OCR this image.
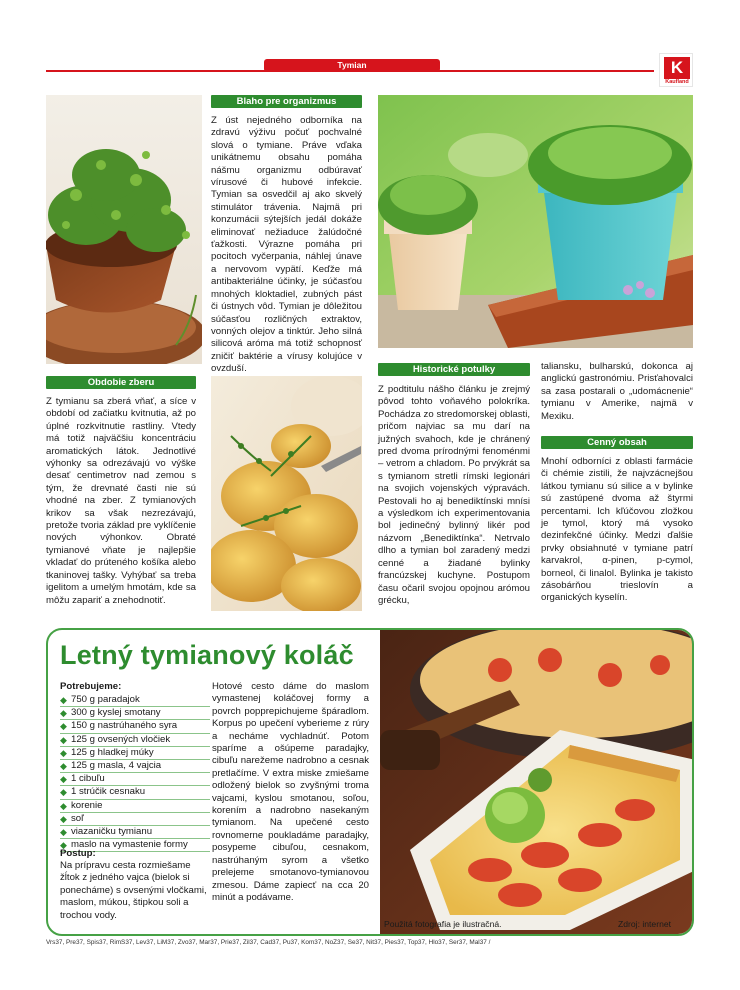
Tymian	K
Kaufland
Blaho pre organizmus
Z úst nejedného odborníka na zdravú výživu počuť pochvalné slová o tymiane. Práve vďaka unikátnemu obsahu pomáha nášmu organizmu odbúravať vírusové či hubové infekcie. Tymian sa osvedčil aj ako skvelý stimulátor trávenia. Najmä pri konzumácii sýtejších jedál dokáže eliminovať nežiaduce žalúdočné ťažkosti. Výrazne pomáha pri pocitoch vyčerpania, náhlej únave a nervovom vypätí. Keďže má antibakteriálne účinky, je súčasťou mnohých kloktadiel, zubných pást či ústnych vôd. Tymian je dôležitou súčasťou rozličných extraktov, vonných olejov a tinktúr. Jeho silná silicová aróma má totiž schopnosť zničiť baktérie a vírusy kolujúce v ovzduší.
Obdobie zberu
Z tymianu sa zberá vňať, a síce v období od začiatku kvitnutia, až po úplné rozkvitnutie rastliny. Vtedy má totiž najväčšiu koncentráciu aromatických látok. Jednotlivé výhonky sa odrezávajú vo výške desať centimetrov nad zemou s tým, že drevnaté časti nie sú vhodné na zber. Z tymianových krikov sa však nezrezávajú, pretože tvoria základ pre vyklíčenie nových výhonkov. Obraté tymianové vňate je najlepšie vkladať do prúteného košíka alebo tkaninovej tašky. Vyhýbať sa treba igelitom a umelým hmotám, kde sa môžu zapariť a znehodnotiť.
Historické potulky
Z podtitulu nášho článku je zrejmý pôvod tohto voňavého polokríka. Pochádza zo stredomorskej oblasti, pričom najviac sa mu darí na južných svahoch, kde je chránený pred dvoma prírodnými fenoménmi – vetrom a chladom. Po prvýkrát sa s tymianom stretli rímski legionári na svojich vojenských výpravách. Pestovali ho aj benediktínski mnísi a výsledkom ich experimentovania bol jedinečný bylinný likér pod názvom „Benediktínka“. Netrvalo dlho a tymian bol zaradený medzi cenné a žiadané bylinky francúzskej kuchyne. Postupom času očaril svojou opojnou arómou grécku,
taliansku, bulharskú, dokonca aj anglickú gastronómiu. Prisťahovalci sa zasa postarali o „udomácnenie“ tymianu v Amerike, najmä v Mexiku.
Cenný obsah
Mnohí odborníci z oblasti farmácie či chémie zistili, že najvzácnejšou látkou tymianu sú silice a v bylinke sú zastúpené dvoma až štyrmi percentami. Ich kľúčovou zložkou je tymol, ktorý má vysoko dezinfekčné účinky. Medzi ďalšie prvky obsiahnuté v tymiane patrí karvakrol, α-pinen, p-cymol, borneol, či linalol. Bylinka je takisto zásobárňou trieslovín a organických kyselín.
Letný tymianový koláč
Potrebujeme:
◆ 750 g paradajok
◆ 300 g kyslej smotany
◆ 150 g nastrúhaného syra
◆ 125 g ovsených vločiek
◆ 125 g hladkej múky
◆ 125 g masla, 4 vajcia
◆ 1 cibuľu
◆ 1 strúčik cesnaku
◆ korenie
◆ soľ
◆ viazaničku tymianu
◆ maslo na vymastenie formy
Postup:
Na prípravu cesta rozmiešame žĺtok z jedného vajca (bielok si ponecháme) s ovsenými vločkami, maslom, múkou, štipkou soli a trochou vody.
Hotové cesto dáme do maslom vymastenej koláčovej formy a povrch popprepichujeme špáradlom. Korpus po upečení vyberieme z rúry a necháme vychladnúť. Potom sparíme a ošúpeme paradajky, cibuľu narežeme nadrobno a cesnak pretlačíme. V extra miske zmiešame odložený bielok so zvyšnými troma vajcami, kyslou smotanou, soľou, korením a nadrobno nasekaným tymianom. Na upečené cesto rovnomerne poukladáme paradajky, posypeme cibuľou, cesnakom, nastrúhaným syrom a všetko prelejeme smotanovo-tymianovou zmesou. Dáme zapiecť na cca 20 minút a podávame.
Použitá fotografia je ilustračná.	Zdroj: internet
Vrs37, Pre37, Spis37, RimS37, Lev37, LiM37, Zvo37, Mar37, Prie37, Zil37, Cad37, Pu37, Kom37, NoZ37, Se37, Nit37, Pies37, Top37, Hlo37, Ser37, Mal37 /
